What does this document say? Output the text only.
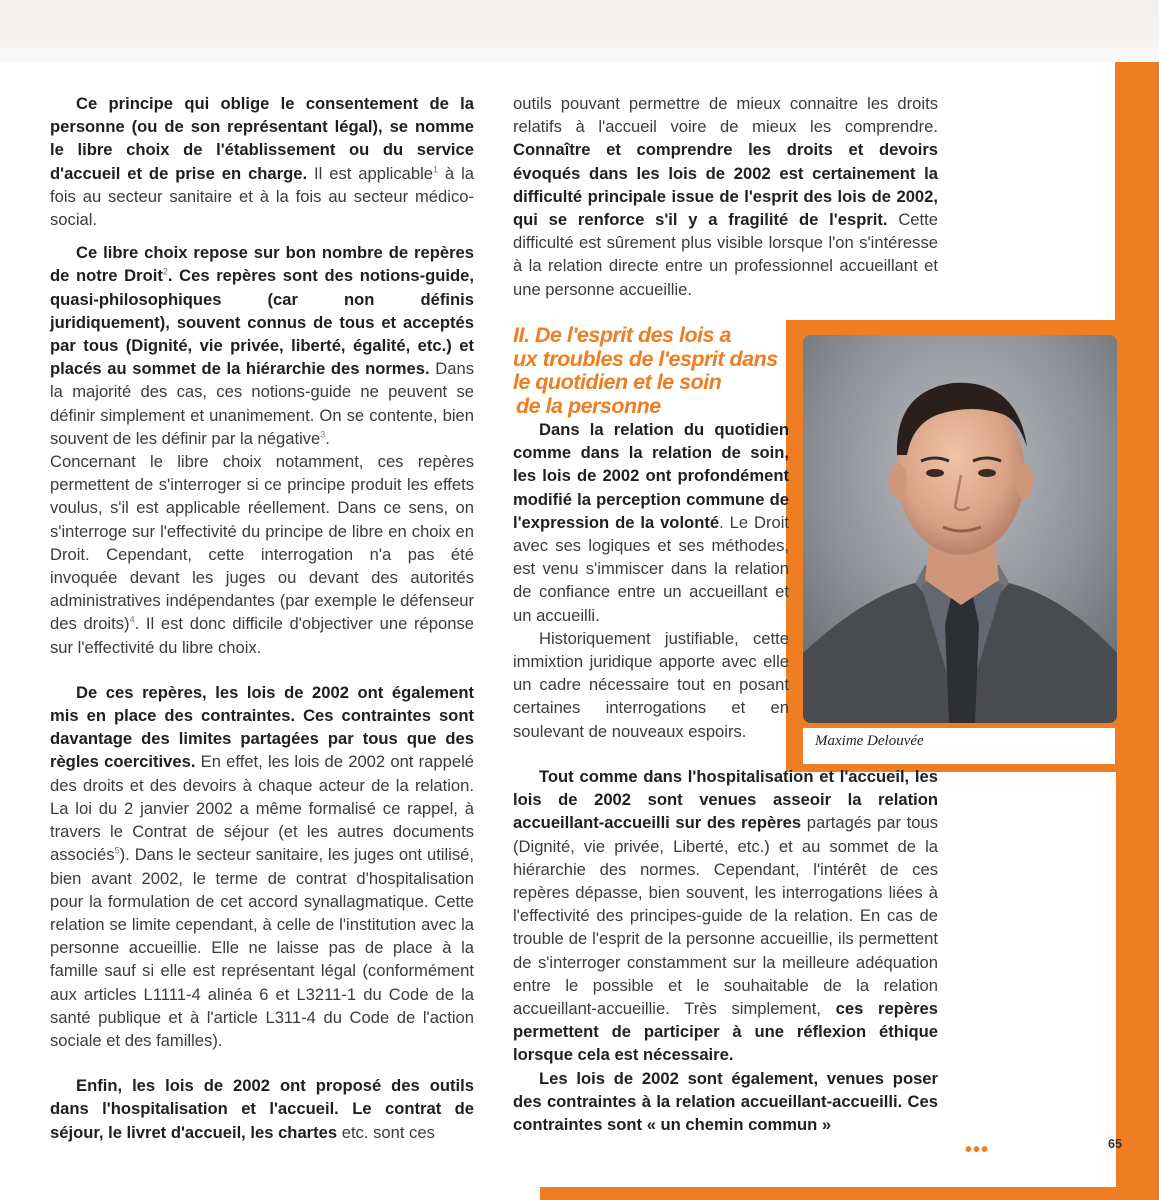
Maxime Delouvée

Ce principe qui oblige le consentement de la personne (ou de son représentant légal), se nomme le libre choix de l'établissement ou du service d'accueil et de prise en charge. Il est applicable$^1$ à la fois au secteur sanitaire et à la fois au secteur médico-social.

Ce libre choix repose sur bon nombre de repères de notre Droit$^2$. Ces repères sont des notions-guide, quasi-philosophiques (car non définis juridiquement), souvent connus de tous et acceptés par tous (Dignité, vie privée, liberté, égalité, etc.) et placés au sommet de la hiérarchie des normes. Dans la majorité des cas, ces notions-guide ne peuvent se définir simplement et unanimement. On se contente, bien souvent de les définir par la négative$^3$.

Concernant le libre choix notamment, ces repères permettent de s'interroger si ce principe produit les effets voulus, s'il est applicable réellement. Dans ce sens, on s'interroge sur l'effectivité du principe de libre en choix en Droit. Cependant, cette interrogation n'a pas été invoquée devant les juges ou devant des autorités administratives indépendantes (par exemple le défenseur des droits)$^4$. Il est donc difficile d'objectiver une réponse sur l'effectivité du libre choix.

De ces repères, les lois de 2002 ont également mis en place des contraintes. Ces contraintes sont davantage des limites partagées par tous que des règles coercitives. En effet, les lois de 2002 ont rappelé des droits et des devoirs à chaque acteur de la relation. La loi du 2 janvier 2002 a même formalisé ce rappel, à travers le Contrat de séjour (et les autres documents associés$^5$). Dans le secteur sanitaire, les juges ont utilisé, bien avant 2002, le terme de contrat d'hospitalisation pour la formulation de cet accord synallagmatique. Cette relation se limite cependant, à celle de l'institution avec la personne accueillie. Elle ne laisse pas de place à la famille sauf si elle est représentant légal (conformément aux articles L1111-4 alinéa 6 et L3211-1 du Code de la santé publique et à l'article L311-4 du Code de l'action sociale et des familles).

Enfin, les lois de 2002 ont proposé des outils dans l'hospitalisation et l'accueil. Le contrat de séjour, le livret d'accueil, les chartes etc. sont ces

outils pouvant permettre de mieux connaitre les droits relatifs à l'accueil voire de mieux les comprendre. Connaître et comprendre les droits et devoirs évoqués dans les lois de 2002 est certainement la difficulté principale issue de l'esprit des lois de 2002, qui se renforce s'il y a fragilité de l'esprit. Cette difficulté est sûrement plus visible lorsque l'on s'intéresse à la relation directe entre un professionnel accueillant et une personne accueillie.

II. De l'esprit des lois a
ux troubles de l'esprit dans
le quotidien et le soin
de la personne

Dans la relation du quotidien comme dans la relation de soin, les lois de 2002 ont profondément modifié la perception commune de l'expression de la volonté. Le Droit avec ses logiques et ses méthodes, est venu s'immiscer dans la relation de confiance entre un accueillant et un accueilli.

Historiquement justifiable, cette immixtion juridique apporte avec elle un cadre nécessaire tout en posant certaines interrogations et en soulevant de nouveaux espoirs.

Tout comme dans l'hospitalisation et l'accueil, les lois de 2002 sont venues asseoir la relation accueillant-accueilli sur des repères partagés par tous (Dignité, vie privée, Liberté, etc.) et au sommet de la hiérarchie des normes. Cependant, l'intérêt de ces repères dépasse, bien souvent, les interrogations liées à l'effectivité des principes-guide de la relation. En cas de trouble de l'esprit de la personne accueillie, ils permettent de s'interroger constamment sur la meilleure adéquation entre le possible et le souhaitable de la relation accueillant-accueillie. Très simplement, ces repères permettent de participer à une réflexion éthique lorsque cela est nécessaire.

Les lois de 2002 sont également, venues poser des contraintes à la relation accueillant-accueilli. Ces contraintes sont « un chemin commun »

•••	65
